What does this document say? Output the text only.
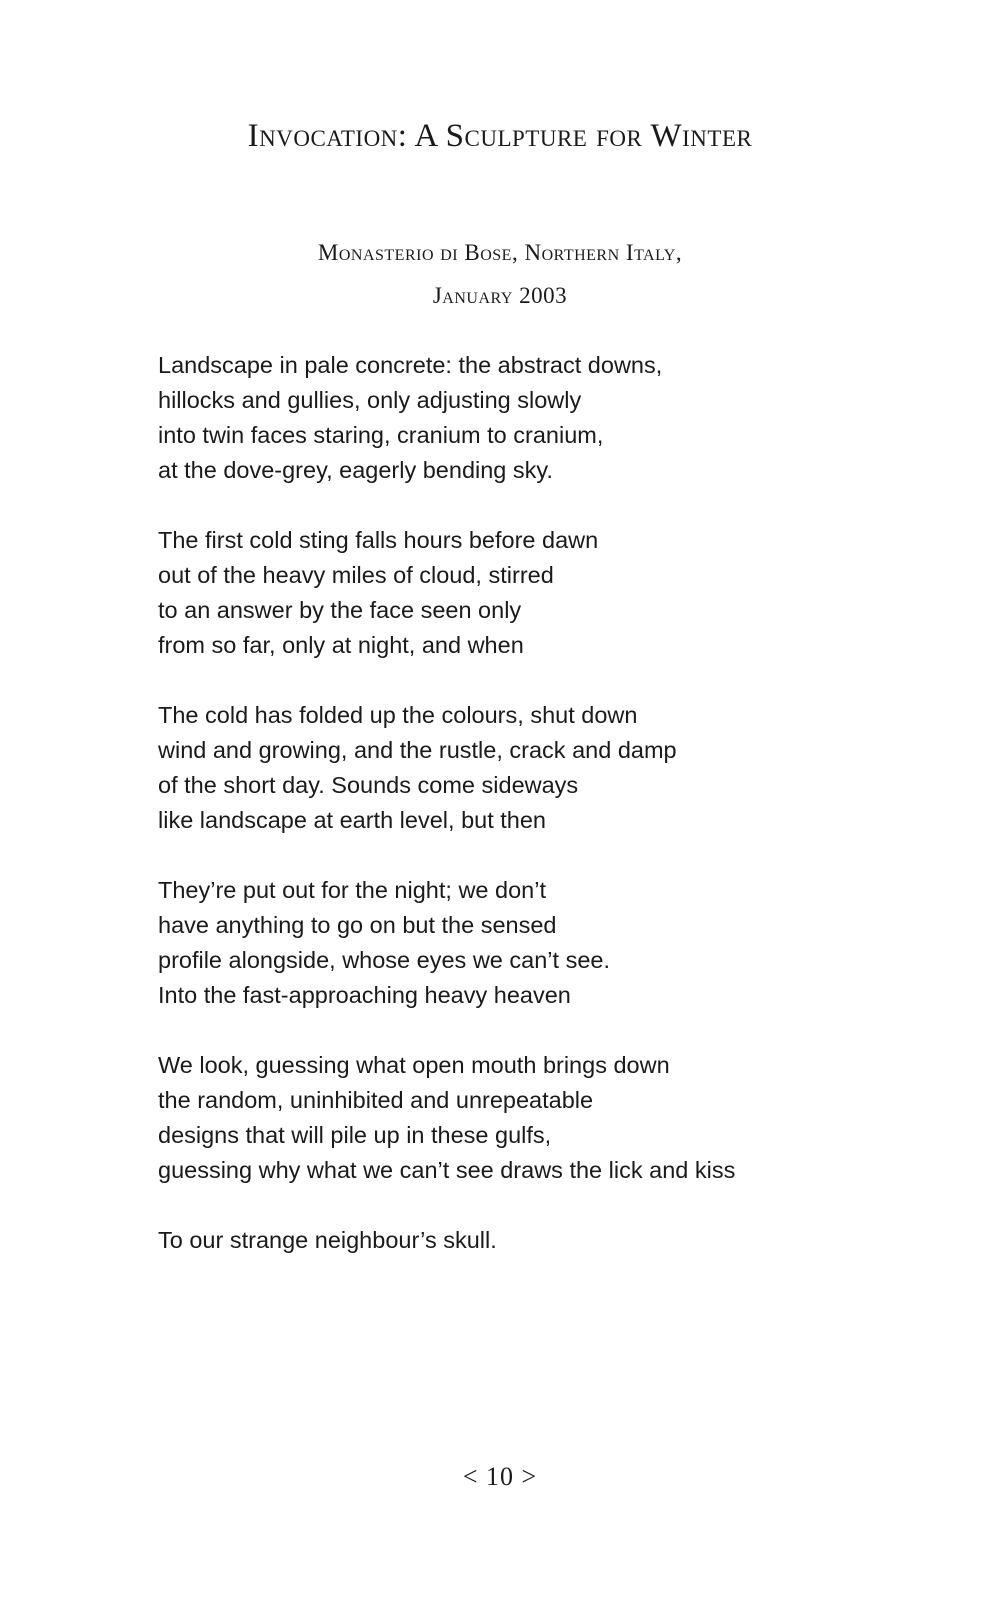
Invocation: A Sculpture for Winter

Monasterio di Bose, Northern Italy,

January 2003

Landscape in pale concrete: the abstract downs,
hillocks and gullies, only adjusting slowly
into twin faces staring, cranium to cranium,
at the dove-grey, eagerly bending sky.
The first cold sting falls hours before dawn
out of the heavy miles of cloud, stirred
to an answer by the face seen only
from so far, only at night, and when
The cold has folded up the colours, shut down
wind and growing, and the rustle, crack and damp
of the short day. Sounds come sideways
like landscape at earth level, but then
They’re put out for the night; we don’t
have anything to go on but the sensed
profile alongside, whose eyes we can’t see.
Into the fast-approaching heavy heaven
We look, guessing what open mouth brings down
the random, uninhibited and unrepeatable
designs that will pile up in these gulfs,
guessing why what we can’t see draws the lick and kiss
To our strange neighbour’s skull.
< 10 >
